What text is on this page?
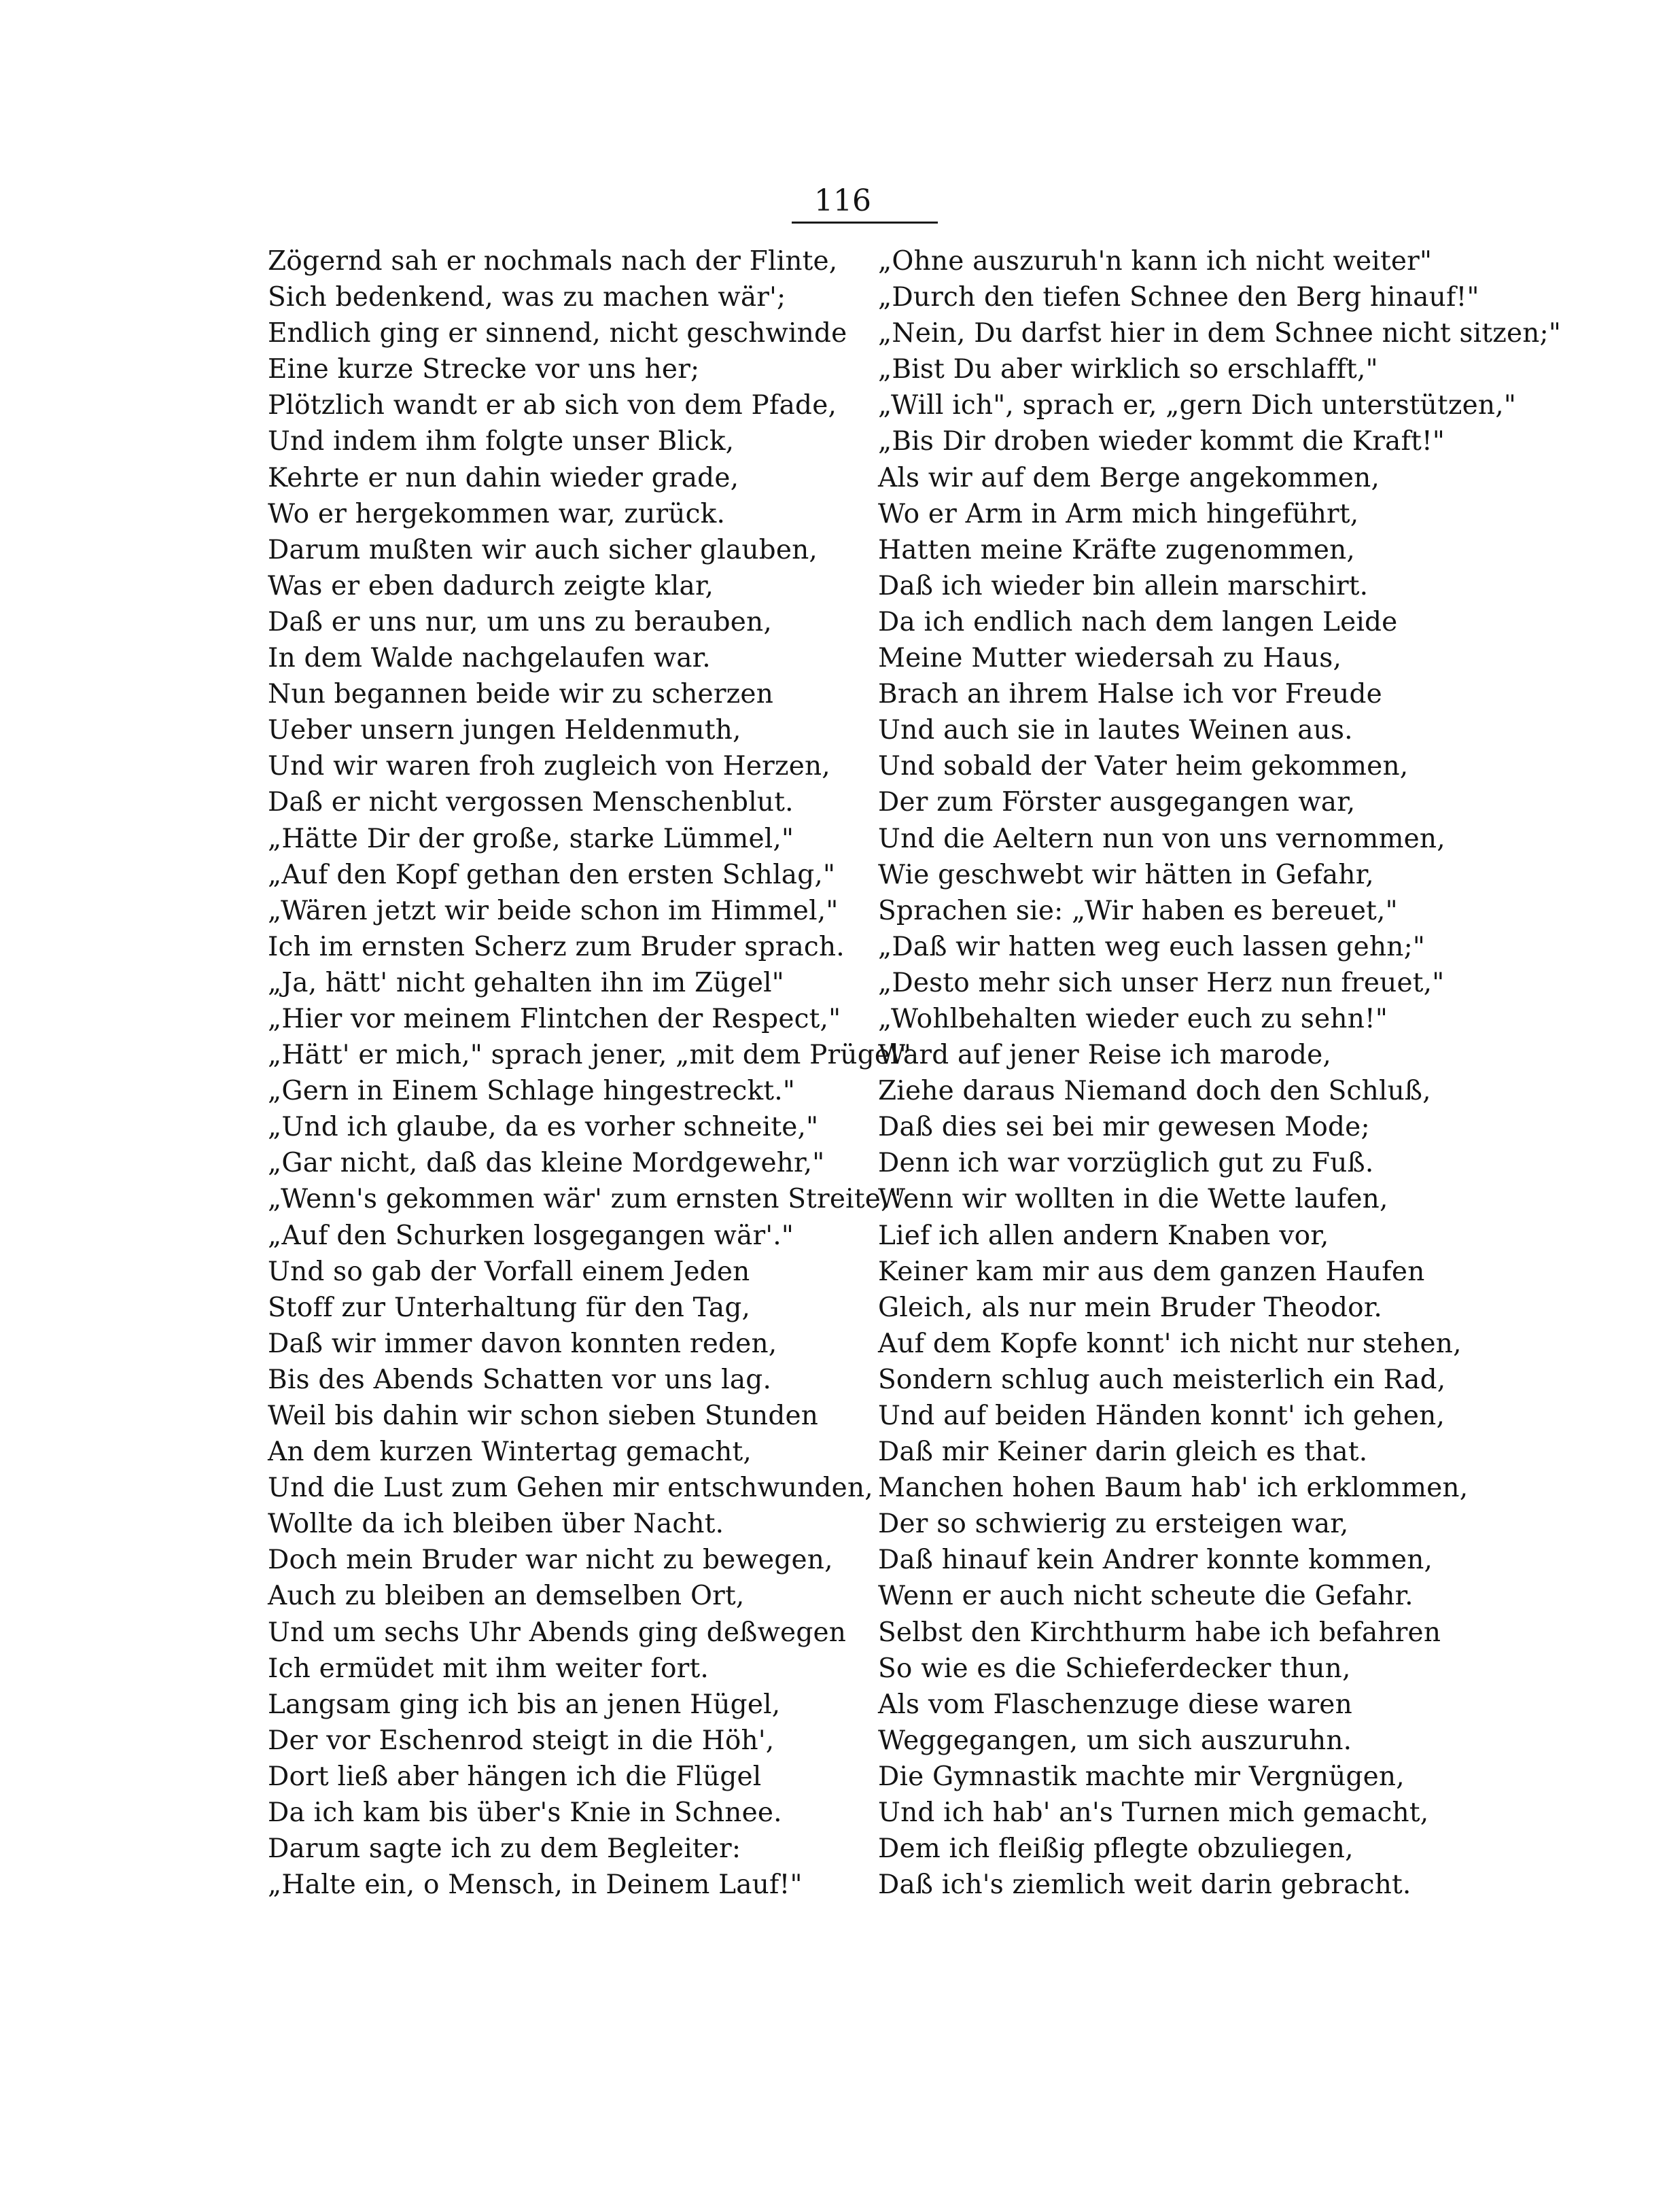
116
Zögernd sah er nochmals nach der Flinte,
Sich bedenkend, was zu machen wär';
Endlich ging er sinnend, nicht geschwinde
Eine kurze Strecke vor uns her;
Plötzlich wandt er ab sich von dem Pfade,
Und indem ihm folgte unser Blick,
Kehrte er nun dahin wieder grade,
Wo er hergekommen war, zurück.
Darum mußten wir auch sicher glauben,
Was er eben dadurch zeigte klar,
Daß er uns nur, um uns zu berauben,
In dem Walde nachgelaufen war.
Nun begannen beide wir zu scherzen
Ueber unsern jungen Heldenmuth,
Und wir waren froh zugleich von Herzen,
Daß er nicht vergossen Menschenblut.
„Hätte Dir der große, starke Lümmel,"
„Auf den Kopf gethan den ersten Schlag,"
„Wären jetzt wir beide schon im Himmel,"
Ich im ernsten Scherz zum Bruder sprach.
„Ja, hätt' nicht gehalten ihn im Zügel"
„Hier vor meinem Flintchen der Respect,"
„Hätt' er mich," sprach jener, „mit dem Prügel"
„Gern in Einem Schlage hingestreckt."
„Und ich glaube, da es vorher schneite,"
„Gar nicht, daß das kleine Mordgewehr,"
„Wenn's gekommen wär' zum ernsten Streite,"
„Auf den Schurken losgegangen wär'."
Und so gab der Vorfall einem Jeden
Stoff zur Unterhaltung für den Tag,
Daß wir immer davon konnten reden,
Bis des Abends Schatten vor uns lag.
Weil bis dahin wir schon sieben Stunden
An dem kurzen Wintertag gemacht,
Und die Lust zum Gehen mir entschwunden,
Wollte da ich bleiben über Nacht.
Doch mein Bruder war nicht zu bewegen,
Auch zu bleiben an demselben Ort,
Und um sechs Uhr Abends ging deßwegen
Ich ermüdet mit ihm weiter fort.
Langsam ging ich bis an jenen Hügel,
Der vor Eschenrod steigt in die Höh',
Dort ließ aber hängen ich die Flügel
Da ich kam bis über's Knie in Schnee.
Darum sagte ich zu dem Begleiter:
„Halte ein, o Mensch, in Deinem Lauf!"
„Ohne auszuruh'n kann ich nicht weiter"
„Durch den tiefen Schnee den Berg hinauf!"
„Nein, Du darfst hier in dem Schnee nicht sitzen;"
„Bist Du aber wirklich so erschlafft,"
„Will ich", sprach er, „gern Dich unterstützen,"
„Bis Dir droben wieder kommt die Kraft!"
Als wir auf dem Berge angekommen,
Wo er Arm in Arm mich hingeführt,
Hatten meine Kräfte zugenommen,
Daß ich wieder bin allein marschirt.
Da ich endlich nach dem langen Leide
Meine Mutter wiedersah zu Haus,
Brach an ihrem Halse ich vor Freude
Und auch sie in lautes Weinen aus.
Und sobald der Vater heim gekommen,
Der zum Förster ausgegangen war,
Und die Aeltern nun von uns vernommen,
Wie geschwebt wir hätten in Gefahr,
Sprachen sie: „Wir haben es bereuet,"
„Daß wir hatten weg euch lassen gehn;"
„Desto mehr sich unser Herz nun freuet,"
„Wohlbehalten wieder euch zu sehn!"
Ward auf jener Reise ich marode,
Ziehe daraus Niemand doch den Schluß,
Daß dies sei bei mir gewesen Mode;
Denn ich war vorzüglich gut zu Fuß.
Wenn wir wollten in die Wette laufen,
Lief ich allen andern Knaben vor,
Keiner kam mir aus dem ganzen Haufen
Gleich, als nur mein Bruder Theodor.
Auf dem Kopfe konnt' ich nicht nur stehen,
Sondern schlug auch meisterlich ein Rad,
Und auf beiden Händen konnt' ich gehen,
Daß mir Keiner darin gleich es that.
Manchen hohen Baum hab' ich erklommen,
Der so schwierig zu ersteigen war,
Daß hinauf kein Andrer konnte kommen,
Wenn er auch nicht scheute die Gefahr.
Selbst den Kirchthurm habe ich befahren
So wie es die Schieferdecker thun,
Als vom Flaschenzuge diese waren
Weggegangen, um sich auszuruhn.
Die Gymnastik machte mir Vergnügen,
Und ich hab' an's Turnen mich gemacht,
Dem ich fleißig pflegte obzuliegen,
Daß ich's ziemlich weit darin gebracht.
